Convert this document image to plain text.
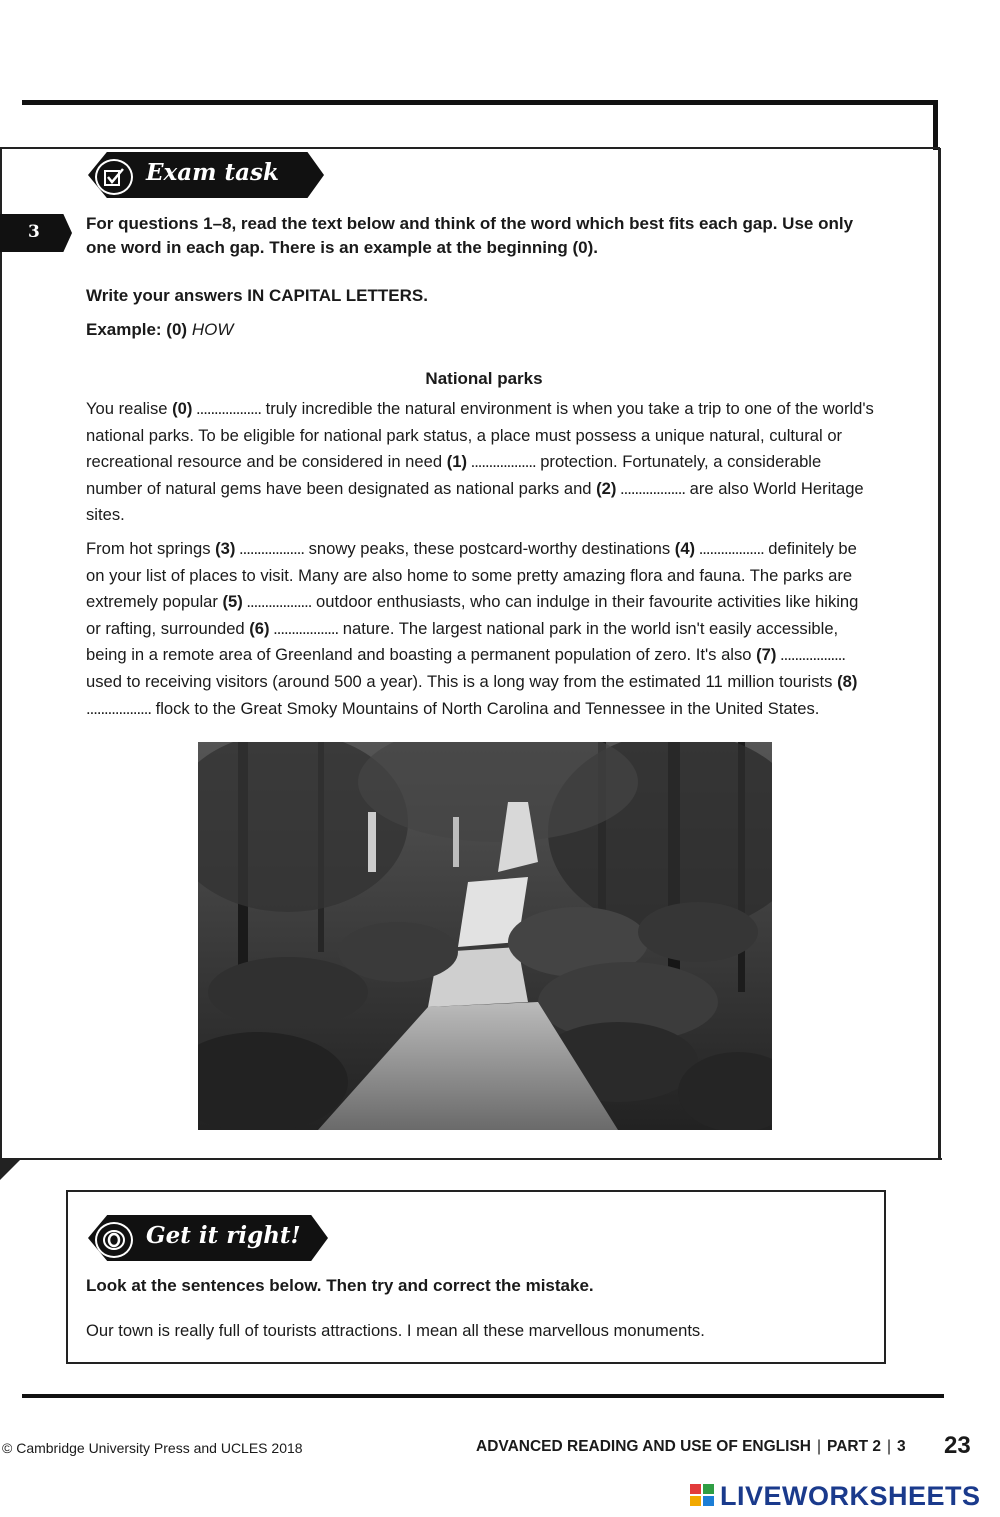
Exam task
3	For questions 1–8, read the text below and think of the word which best fits each gap. Use only one word in each gap. There is an example at the beginning (0).
Write your answers IN CAPITAL LETTERS.
Example: (0) HOW
National parks
You realise (0) .................. truly incredible the natural environment is when you take a trip to one of the world's national parks. To be eligible for national park status, a place must possess a unique natural, cultural or recreational resource and be considered in need (1) .................. protection. Fortunately, a considerable number of natural gems have been designated as national parks and (2) .................. are also World Heritage sites.
From hot springs (3) .................. snowy peaks, these postcard-worthy destinations (4) .................. definitely be on your list of places to visit. Many are also home to some pretty amazing flora and fauna. The parks are extremely popular (5) .................. outdoor enthusiasts, who can indulge in their favourite activities like hiking or rafting, surrounded (6) .................. nature. The largest national park in the world isn't easily accessible, being in a remote area of Greenland and boasting a permanent population of zero. It's also (7) .................. used to receiving visitors (around 500 a year). This is a long way from the estimated 11 million tourists (8) .................. flock to the Great Smoky Mountains of North Carolina and Tennessee in the United States.
Get it right!
Look at the sentences below. Then try and correct the mistake.
Our town is really full of tourists attractions. I mean all these marvellous monuments.
© Cambridge University Press and UCLES 2018	ADVANCED READING AND USE OF ENGLISH | PART 2 | 3 23
LIVEWORKSHEETS
